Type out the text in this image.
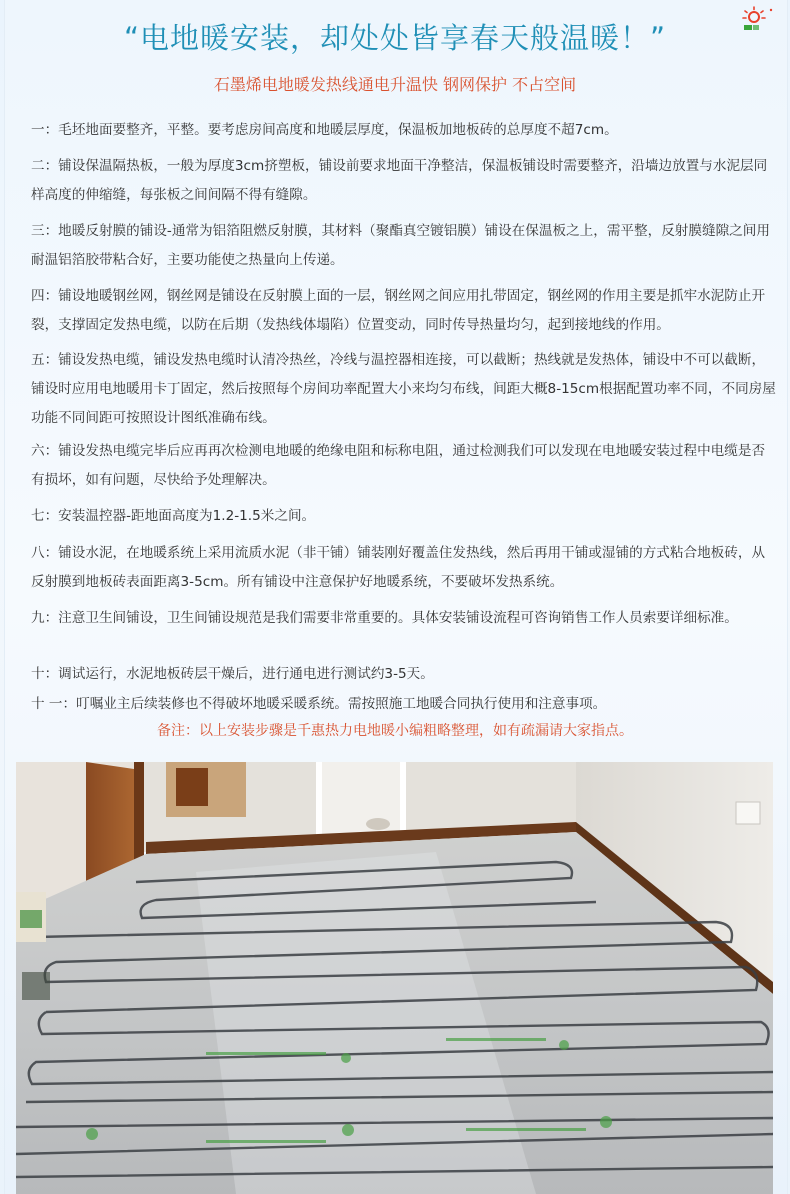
“电地暖安装，却处处皆享春天般温暖！”
石墨烯电地暖发热线通电升温快 钢网保护 不占空间
一：毛坯地面要整齐，平整。要考虑房间高度和地暖层厚度，保温板加地板砖的总厚度不超7cm。
二：铺设保温隔热板，一般为厚度3cm挤塑板，铺设前要求地面干净整洁，保温板铺设时需要整齐，沿墙边放置与水泥层同样高度的伸缩缝，每张板之间间隔不得有缝隙。
三：地暖反射膜的铺设-通常为铝箔阻燃反射膜，其材料（聚酯真空镀铝膜）铺设在保温板之上，需平整，反射膜缝隙之间用耐温铝箔胶带粘合好，主要功能使之热量向上传递。
四：铺设地暖钢丝网，钢丝网是铺设在反射膜上面的一层，钢丝网之间应用扎带固定，钢丝网的作用主要是抓牢水泥防止开裂，支撑固定发热电缆，以防在后期（发热线体塌陷）位置变动，同时传导热量均匀，起到接地线的作用。
五：铺设发热电缆，铺设发热电缆时认清冷热丝，冷线与温控器相连接，可以截断；热线就是发热体，铺设中不可以截断，铺设时应用电地暖用卡丁固定，然后按照每个房间功率配置大小来均匀布线，间距大概8-15cm根据配置功率不同，不同房屋功能不同间距可按照设计图纸准确布线。
六：铺设发热电缆完毕后应再再次检测电地暖的绝缘电阻和标称电阻，通过检测我们可以发现在电地暖安装过程中电缆是否有损坏，如有问题，尽快给予处理解决。
七：安装温控器-距地面高度为1.2-1.5米之间。
八：铺设水泥，在地暖系统上采用流质水泥（非干铺）铺装刚好覆盖住发热线，然后再用干铺或湿铺的方式粘合地板砖，从反射膜到地板砖表面距离3-5cm。所有铺设中注意保护好地暖系统，不要破坏发热系统。
九：注意卫生间铺设，卫生间铺设规范是我们需要非常重要的。具体安装铺设流程可咨询销售工作人员索要详细标准。
十：调试运行，水泥地板砖层干燥后，进行通电进行测试约3-5天。
十 一：叮嘱业主后续装修也不得破坏地暖采暖系统。需按照施工地暖合同执行使用和注意事项。
备注：以上安装步骤是千惠热力电地暖小编粗略整理，如有疏漏请大家指点。
